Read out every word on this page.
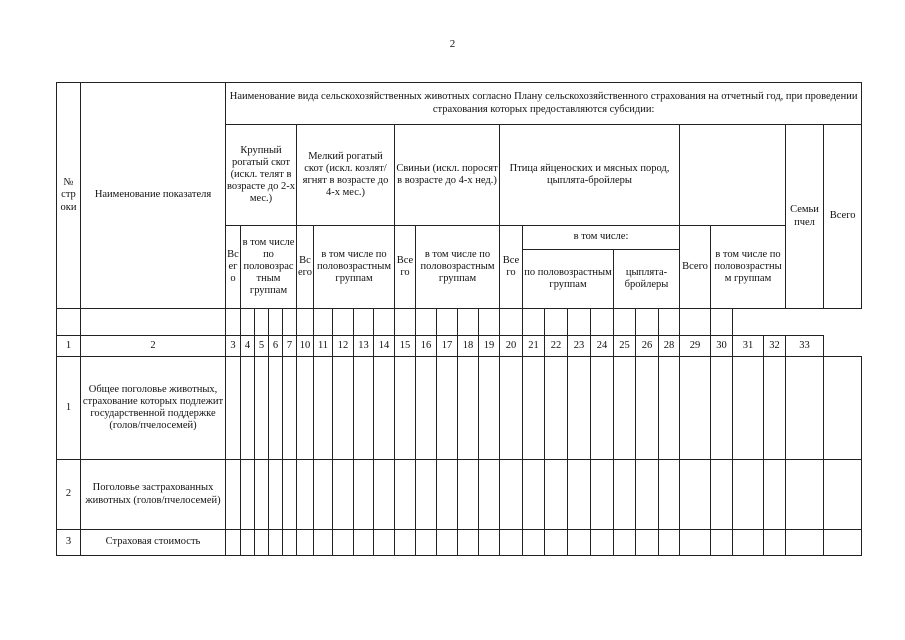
2
№ стр оки	Наименование показателя	Наименование вида сельскохозяйственных животных согласно Плану сельскохозяйственного страхования на отчетный год, при проведении страхования которых предоставляются субсидии:																												
		Крупный рогатый скот (искл. телят в возрасте до 2-х мес.)					Мелкий рогатый скот (искл. козлят/ягнят в возрасте до 4-х мес.)					Свиньи (искл. поросят в возрасте до 4-х нед.)					Птица яйценоских и мясных пород, цыплята-бройлеры												Семьи пчел	Всего
		Всего	в том числе по половозрастным группам				Всего	в том числе по половозрастным группам				Всего	в том числе по половозрастным группам				Всего	в том числе:							Всего	в том числе по половозрастным группам				
																		по половозрастным группам				цыплята-бройлеры								

1	2	3	4	5	6	7	10	11	12	13	14	15	16	17	18	19	20	21	22	23	24	25	26	28	29	30	31	32	33	
1	Общее поголовье животных, страхование которых подлежит государственной поддержке (голов/пчелосемей)																													
2	Поголовье застрахованных животных (голов/пчелосемей)																													
3	Страховая стоимость																													
